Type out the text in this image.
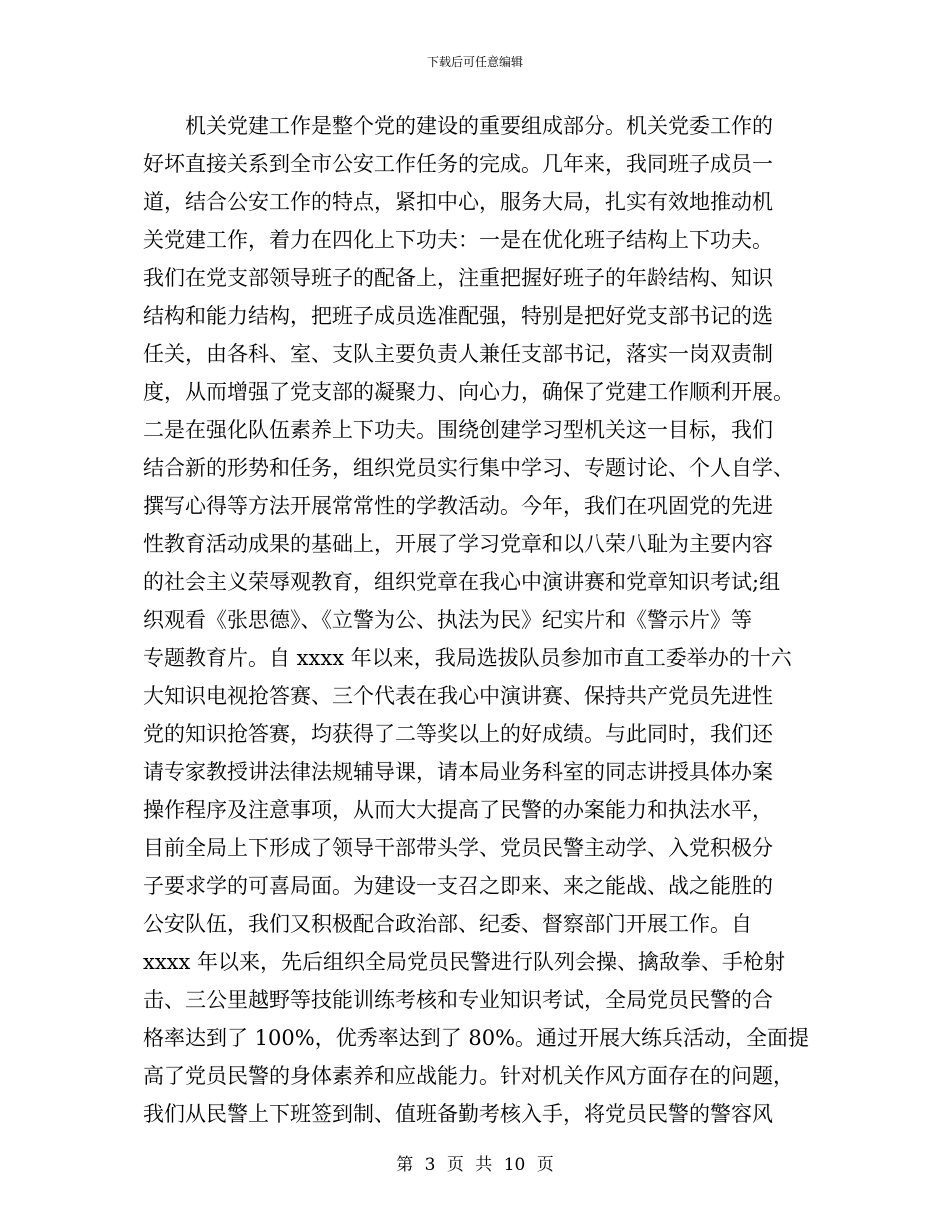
下载后可任意编辑
机关党建工作是整个党的建设的重要组成部分。机关党委工作的
好坏直接关系到全市公安工作任务的完成。几年来，我同班子成员一
道，结合公安工作的特点，紧扣中心，服务大局，扎实有效地推动机
关党建工作，着力在四化上下功夫：一是在优化班子结构上下功夫。
我们在党支部领导班子的配备上，注重把握好班子的年龄结构、知识
结构和能力结构，把班子成员选准配强，特别是把好党支部书记的选
任关，由各科、室、支队主要负责人兼任支部书记，落实一岗双责制
度，从而增强了党支部的凝聚力、向心力，确保了党建工作顺利开展。
二是在强化队伍素养上下功夫。围绕创建学习型机关这一目标，我们
结合新的形势和任务，组织党员实行集中学习、专题讨论、个人自学、
撰写心得等方法开展常常性的学教活动。今年，我们在巩固党的先进
性教育活动成果的基础上，开展了学习党章和以八荣八耻为主要内容
的社会主义荣辱观教育，组织党章在我心中演讲赛和党章知识考试;组
织观看《张思德》、《立警为公、执法为民》纪实片和《警示片》等
专题教育片。自 xxxx 年以来，我局选拔队员参加市直工委举办的十六
大知识电视抢答赛、三个代表在我心中演讲赛、保持共产党员先进性
党的知识抢答赛，均获得了二等奖以上的好成绩。与此同时，我们还
请专家教授讲法律法规辅导课，请本局业务科室的同志讲授具体办案
操作程序及注意事项，从而大大提高了民警的办案能力和执法水平，
目前全局上下形成了领导干部带头学、党员民警主动学、入党积极分
子要求学的可喜局面。为建设一支召之即来、来之能战、战之能胜的
公安队伍，我们又积极配合政治部、纪委、督察部门开展工作。自
xxxx 年以来，先后组织全局党员民警进行队列会操、擒敌拳、手枪射
击、三公里越野等技能训练考核和专业知识考试，全局党员民警的合
格率达到了 100%，优秀率达到了 80%。通过开展大练兵活动，全面提
高了党员民警的身体素养和应战能力。针对机关作风方面存在的问题，
我们从民警上下班签到制、值班备勤考核入手，将党员民警的警容风
第 3 页 共 10 页
